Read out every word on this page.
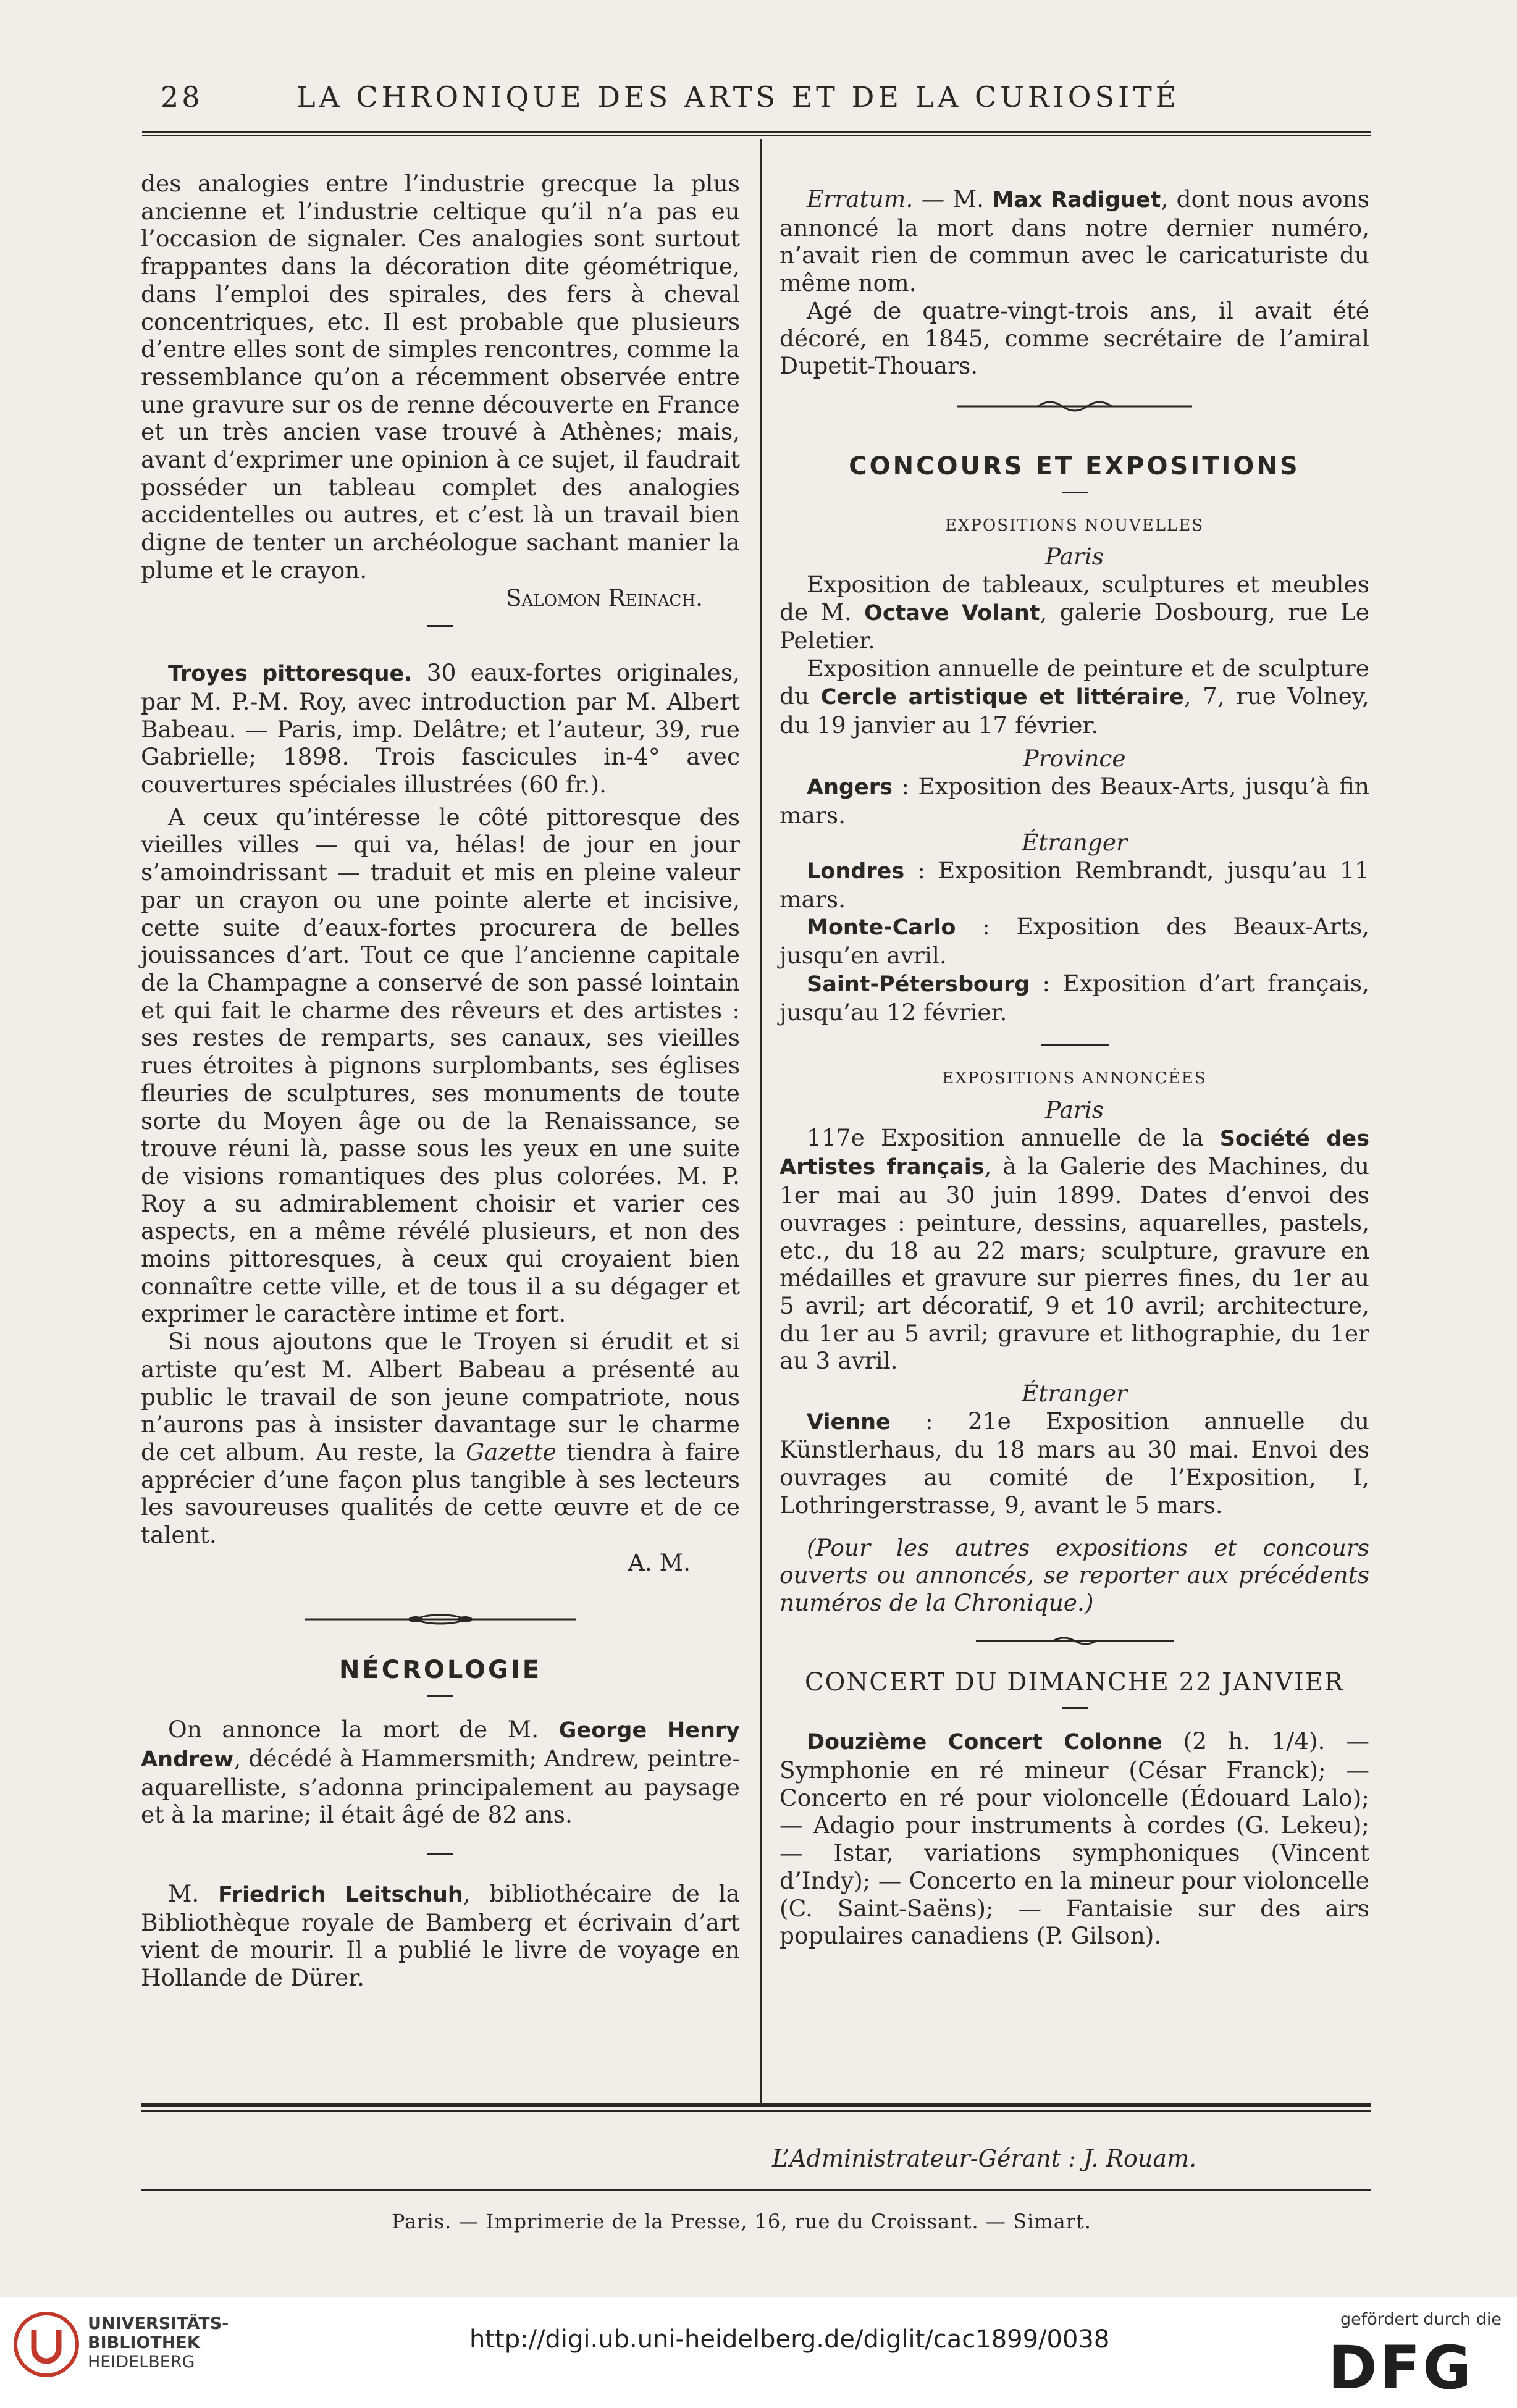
28	LA CHRONIQUE DES ARTS ET DE LA CURIOSITÉ

des analogies entre l’industrie grecque la plus ancienne et l’industrie celtique qu’il n’a pas eu l’occasion de signaler. Ces analogies sont surtout frappantes dans la décoration dite géométrique, dans l’emploi des spirales, des fers à cheval concentriques, etc. Il est probable que plusieurs d’entre elles sont de simples rencontres, comme la ressemblance qu’on a récemment observée entre une gravure sur os de renne découverte en France et un très ancien vase trouvé à Athènes; mais, avant d’exprimer une opinion à ce sujet, il faudrait posséder un tableau complet des analogies accidentelles ou autres, et c’est là un travail bien digne de tenter un archéologue sachant manier la plume et le crayon.

Salomon Reinach.

Troyes pittoresque. 30 eaux-fortes originales, par M. P.-M. Roy, avec introduction par M. Albert Babeau. — Paris, imp. Delâtre; et l’auteur, 39, rue Gabrielle; 1898. Trois fascicules in-4° avec couvertures spéciales illustrées (60 fr.).

A ceux qu’intéresse le côté pittoresque des vieilles villes — qui va, hélas! de jour en jour s’amoindrissant — traduit et mis en pleine valeur par un crayon ou une pointe alerte et incisive, cette suite d’eaux-fortes procurera de belles jouissances d’art. Tout ce que l’ancienne capitale de la Champagne a conservé de son passé lointain et qui fait le charme des rêveurs et des artistes : ses restes de remparts, ses canaux, ses vieilles rues étroites à pignons surplombants, ses églises fleuries de sculptures, ses monuments de toute sorte du Moyen âge ou de la Renaissance, se trouve réuni là, passe sous les yeux en une suite de visions romantiques des plus colorées. M. P. Roy a su admirablement choisir et varier ces aspects, en a même révélé plusieurs, et non des moins pittoresques, à ceux qui croyaient bien connaître cette ville, et de tous il a su dégager et exprimer le caractère intime et fort.

Si nous ajoutons que le Troyen si érudit et si artiste qu’est M. Albert Babeau a présenté au public le travail de son jeune compatriote, nous n’aurons pas à insister davantage sur le charme de cet album. Au reste, la Gazette tiendra à faire apprécier d’une façon plus tangible à ses lecteurs les savoureuses qualités de cette œuvre et de ce talent.

A. M.

NÉCROLOGIE

On annonce la mort de M. George Henry Andrew, décédé à Hammersmith; Andrew, peintre-aquarelliste, s’adonna principalement au paysage et à la marine; il était âgé de 82 ans.

M. Friedrich Leitschuh, bibliothécaire de la Bibliothèque royale de Bamberg et écrivain d’art vient de mourir. Il a publié le livre de voyage en Hollande de Dürer.

Erratum. — M. Max Radiguet, dont nous avons annoncé la mort dans notre dernier numéro, n’avait rien de commun avec le caricaturiste du même nom.

Agé de quatre-vingt-trois ans, il avait été décoré, en 1845, comme secrétaire de l’amiral Dupetit-Thouars.

CONCOURS ET EXPOSITIONS
EXPOSITIONS NOUVELLES

Paris

Exposition de tableaux, sculptures et meubles de M. Octave Volant, galerie Dosbourg, rue Le Peletier.

Exposition annuelle de peinture et de sculpture du Cercle artistique et littéraire, 7, rue Volney, du 19 janvier au 17 février.

Province

Angers : Exposition des Beaux-Arts, jusqu’à fin mars.

Étranger

Londres : Exposition Rembrandt, jusqu’au 11 mars.

Monte-Carlo : Exposition des Beaux-Arts, jusqu’en avril.

Saint-Pétersbourg : Exposition d’art français, jusqu’au 12 février.

EXPOSITIONS ANNONCÉES

Paris

117e Exposition annuelle de la Société des Artistes français, à la Galerie des Machines, du 1er mai au 30 juin 1899. Dates d’envoi des ouvrages : peinture, dessins, aquarelles, pastels, etc., du 18 au 22 mars; sculpture, gravure en médailles et gravure sur pierres fines, du 1er au 5 avril; art décoratif, 9 et 10 avril; architecture, du 1er au 5 avril; gravure et lithographie, du 1er au 3 avril.

Étranger

Vienne : 21e Exposition annuelle du Künstlerhaus, du 18 mars au 30 mai. Envoi des ouvrages au comité de l’Exposition, I, Lothringerstrasse, 9, avant le 5 mars.

(Pour les autres expositions et concours ouverts ou annoncés, se reporter aux précédents numéros de la Chronique.)

CONCERT DU DIMANCHE 22 JANVIER

Douzième Concert Colonne (2 h. 1/4). — Symphonie en ré mineur (César Franck); — Concerto en ré pour violoncelle (Édouard Lalo); — Adagio pour instruments à cordes (G. Lekeu); — Istar, variations symphoniques (Vincent d’Indy); — Concerto en la mineur pour violoncelle (C. Saint-Saëns); — Fantaisie sur des airs populaires canadiens (P. Gilson).

L’Administrateur-Gérant : J. Rouam.
Paris. — Imprimerie de la Presse, 16, rue du Croissant. — Simart.
UNIVERSITÄTS-
BIBLIOTHEK
HEIDELBERG
http://digi.ub.uni-heidelberg.de/diglit/cac1899/0038
gefördert durch die
DFG
